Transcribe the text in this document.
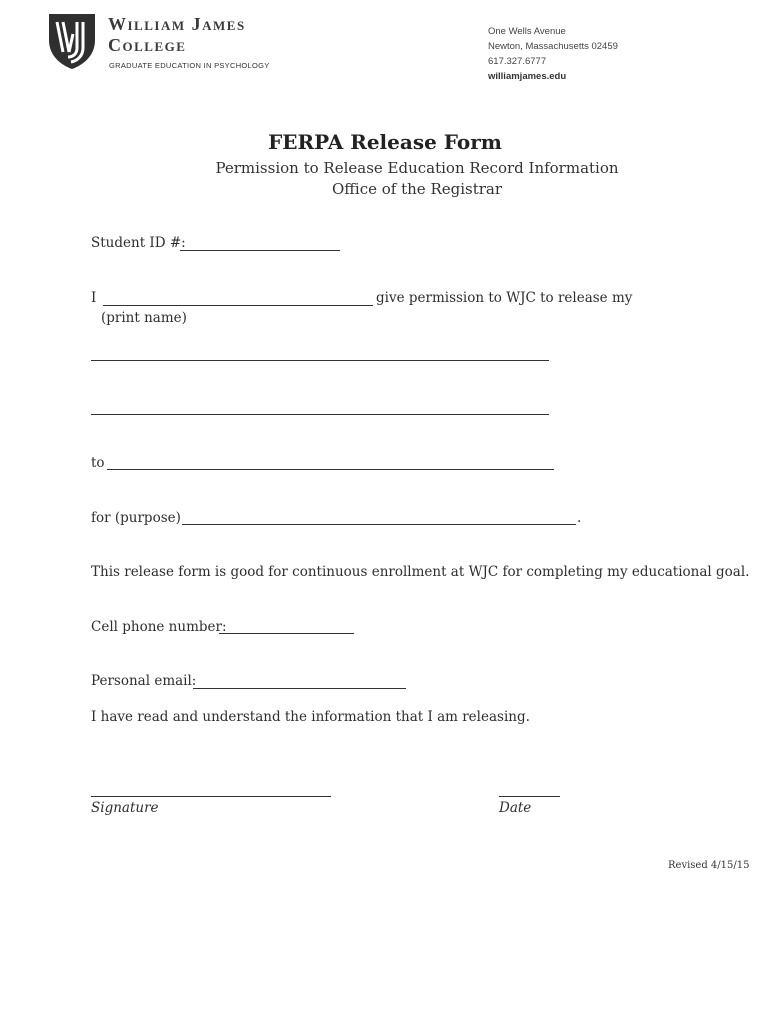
William James
College
GRADUATE EDUCATION IN PSYCHOLOGY
One Wells Avenue
Newton, Massachusetts 02459
617.327.6777
williamjames.edu
FERPA Release Form
Permission to Release Education Record Information
Office of the Registrar
Student ID #:
I	give permission to WJC to release my
(print name)
to
for (purpose)	.
This release form is good for continuous enrollment at WJC for completing my educational goal.
Cell phone number:
Personal email:
I have read and understand the information that I am releasing.
Signature	Date
Revised 4/15/15
